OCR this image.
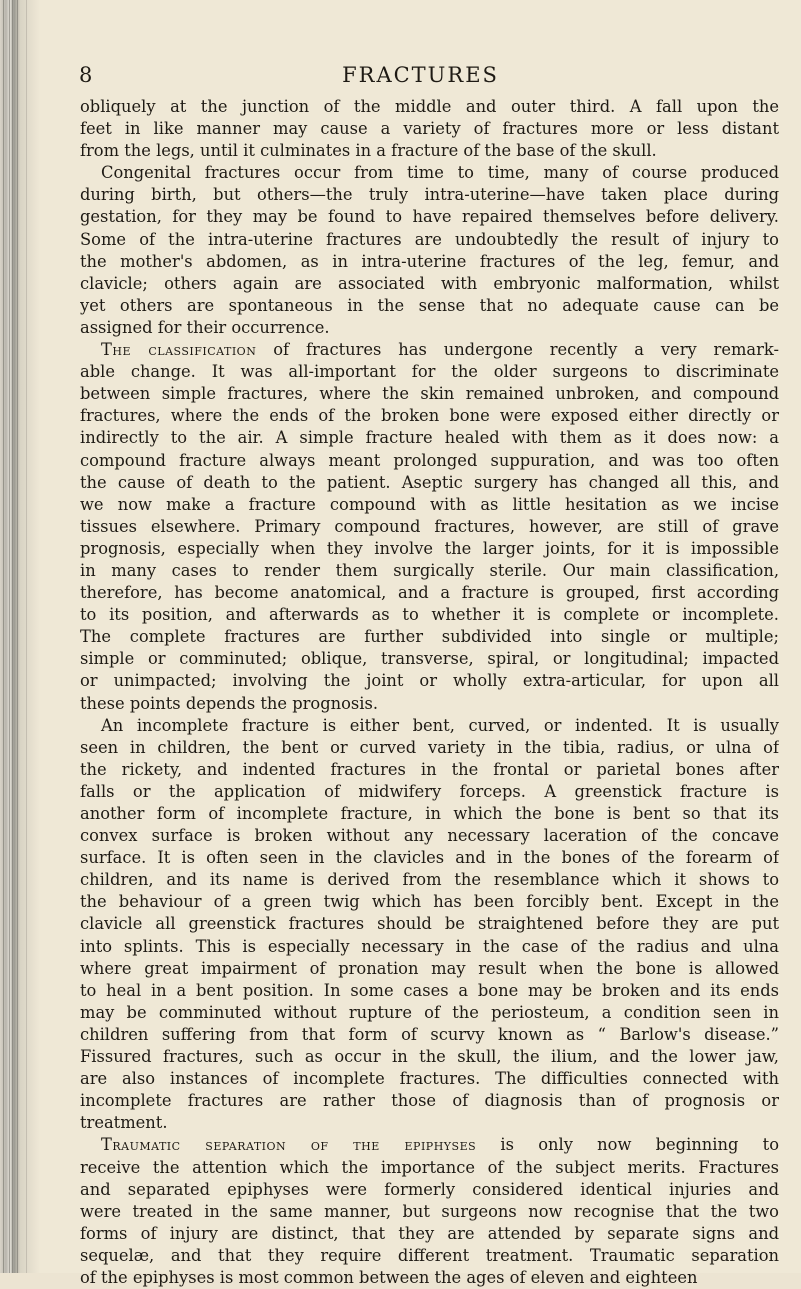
8	FRACTURES
obliquely at the junction of the middle and outer third. A fall upon the
feet in like manner may cause a variety of fractures more or less distant
from the legs, until it culminates in a fracture of the base of the skull.
Congenital fractures occur from time to time, many of course produced
during birth, but others—the truly intra-uterine—have taken place during
gestation, for they may be found to have repaired themselves before delivery.
Some of the intra-uterine fractures are undoubtedly the result of injury to
the mother's abdomen, as in intra-uterine fractures of the leg, femur, and
clavicle; others again are associated with embryonic malformation, whilst
yet others are spontaneous in the sense that no adequate cause can be
assigned for their occurrence.
The classification of fractures has undergone recently a very remark-
able change. It was all-important for the older surgeons to discriminate
between simple fractures, where the skin remained unbroken, and compound
fractures, where the ends of the broken bone were exposed either directly or
indirectly to the air. A simple fracture healed with them as it does now: a
compound fracture always meant prolonged suppuration, and was too often
the cause of death to the patient. Aseptic surgery has changed all this, and
we now make a fracture compound with as little hesitation as we incise
tissues elsewhere. Primary compound fractures, however, are still of grave
prognosis, especially when they involve the larger joints, for it is impossible
in many cases to render them surgically sterile. Our main classification,
therefore, has become anatomical, and a fracture is grouped, first according
to its position, and afterwards as to whether it is complete or incomplete.
The complete fractures are further subdivided into single or multiple;
simple or comminuted; oblique, transverse, spiral, or longitudinal; impacted
or unimpacted; involving the joint or wholly extra-articular, for upon all
these points depends the prognosis.
An incomplete fracture is either bent, curved, or indented. It is usually
seen in children, the bent or curved variety in the tibia, radius, or ulna of
the rickety, and indented fractures in the frontal or parietal bones after
falls or the application of midwifery forceps. A greenstick fracture is
another form of incomplete fracture, in which the bone is bent so that its
convex surface is broken without any necessary laceration of the concave
surface. It is often seen in the clavicles and in the bones of the forearm of
children, and its name is derived from the resemblance which it shows to
the behaviour of a green twig which has been forcibly bent. Except in the
clavicle all greenstick fractures should be straightened before they are put
into splints. This is especially necessary in the case of the radius and ulna
where great impairment of pronation may result when the bone is allowed
to heal in a bent position. In some cases a bone may be broken and its ends
may be comminuted without rupture of the periosteum, a condition seen in
children suffering from that form of scurvy known as “ Barlow's disease.”
Fissured fractures, such as occur in the skull, the ilium, and the lower jaw,
are also instances of incomplete fractures. The difficulties connected with
incomplete fractures are rather those of diagnosis than of prognosis or
treatment.
Traumatic separation of the epiphyses is only now beginning to
receive the attention which the importance of the subject merits. Fractures
and separated epiphyses were formerly considered identical injuries and
were treated in the same manner, but surgeons now recognise that the two
forms of injury are distinct, that they are attended by separate signs and
sequelæ, and that they require different treatment. Traumatic separation
of the epiphyses is most common between the ages of eleven and eighteen
